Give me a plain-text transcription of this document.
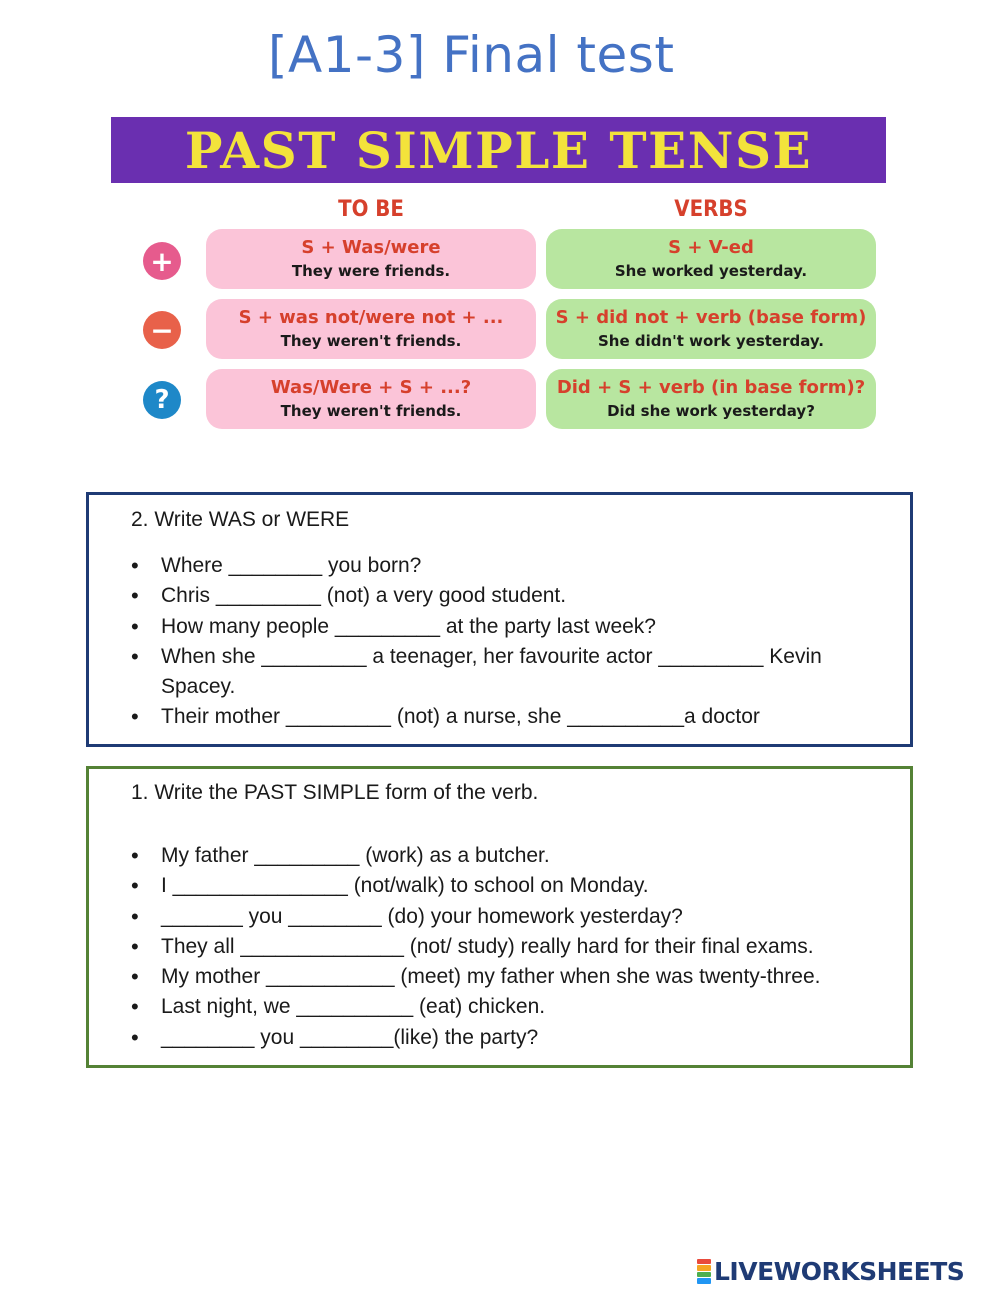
[A1-3] Final test
PAST SIMPLE TENSE
TO BE	VERBS
+
−
?
S + Was/were
They were friends.
S + V-ed
She worked yesterday.
S + was not/were not + ...
They weren't friends.
S + did not + verb (base form)
She didn't work yesterday.
Was/Were + S + ...?
They weren't friends.
Did + S + verb (in base form)?
Did she work yesterday?
2. Write WAS or WERE
• Where ________ you born?
• Chris _________ (not) a very good student.
• How many people _________ at the party last week?
• When she _________ a teenager, her favourite actor _________ Kevin Spacey.
• Their mother _________ (not) a nurse, she __________a doctor
1. Write the PAST SIMPLE form of the verb.
• My father _________ (work) as a butcher.
• I _______________ (not/walk) to school on Monday.
• _______ you ________ (do) your homework yesterday?
• They all ______________ (not/ study) really hard for their final exams.
• My mother ___________ (meet) my father when she was twenty-three.
• Last night, we __________ (eat) chicken.
• ________ you ________(like) the party?
LIVEWORKSHEETS
